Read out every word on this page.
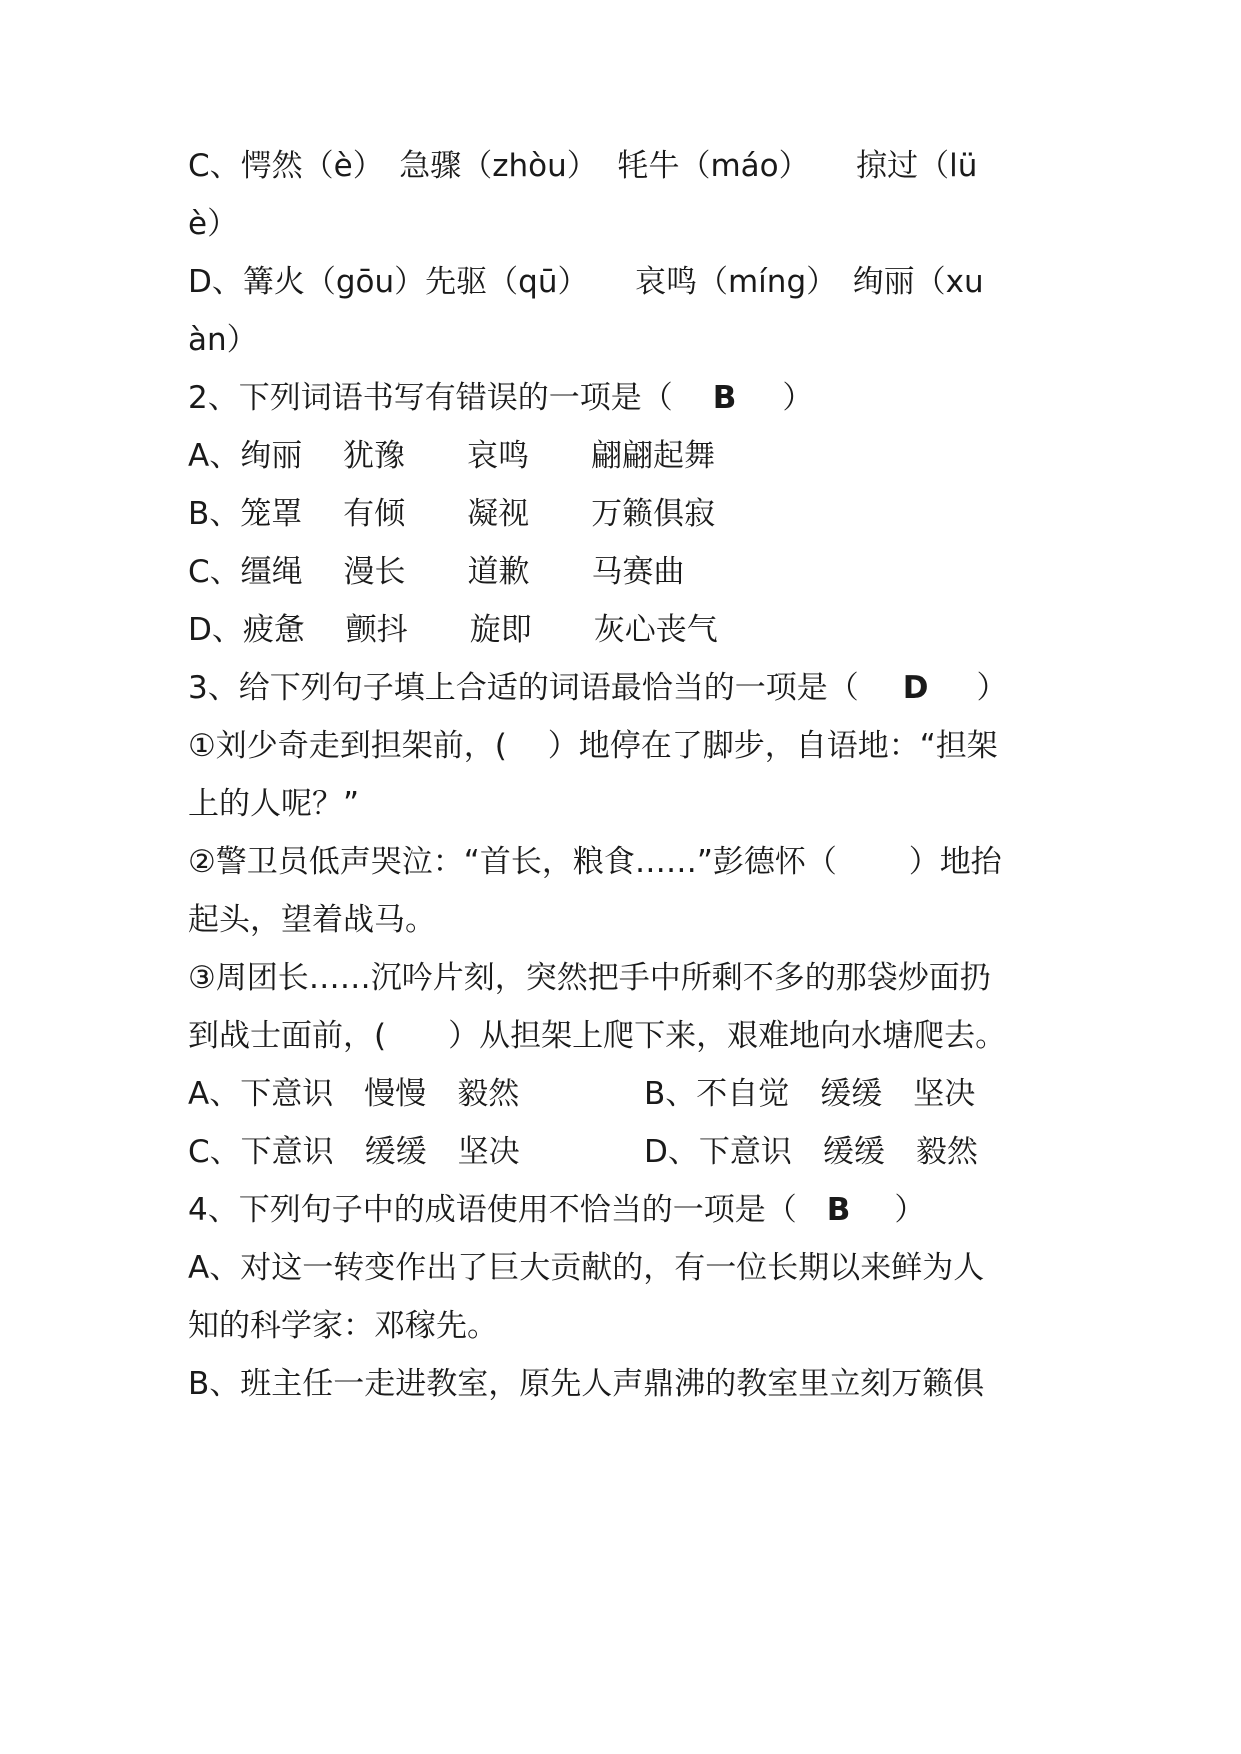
C、愕然（è）　急骤（zhòu）  牦牛（máo）　　掠过（lü
è）
D、篝火（gōu）先驱（qū）　　哀鸣（míng）　绚丽（xu
àn）
2、下列词语书写有错误的一项是（ B ）
A、绚丽　 犹豫　　哀鸣　　翩翩起舞
B、笼罩　 有倾　　凝视　　万籁俱寂
C、缰绳　 漫长　　道歉　　马赛曲
D、疲惫　 颤抖　　旋即　　灰心丧气
3、给下列句子填上合适的词语最恰当的一项是（ D ）
①刘少奇走到担架前，(　 ）地停在了脚步，自语地：“担架
上的人呢？”
②警卫员低声哭泣：“首长，粮食……”彭德怀（　　 ）地抬
起头，望着战马。
③周团长……沉吟片刻，突然把手中所剩不多的那袋炒面扔
到战士面前，(　　）从担架上爬下来，艰难地向水塘爬去。
A、下意识　慢慢　毅然	B、不自觉　缓缓　坚决
C、下意识　缓缓　坚决	D、下意识　缓缓　毅然
4、下列句子中的成语使用不恰当的一项是（ B ）
A、对这一转变作出了巨大贡献的，有一位长期以来鲜为人
知的科学家：邓稼先。
B、班主任一走进教室，原先人声鼎沸的教室里立刻万籁俱
